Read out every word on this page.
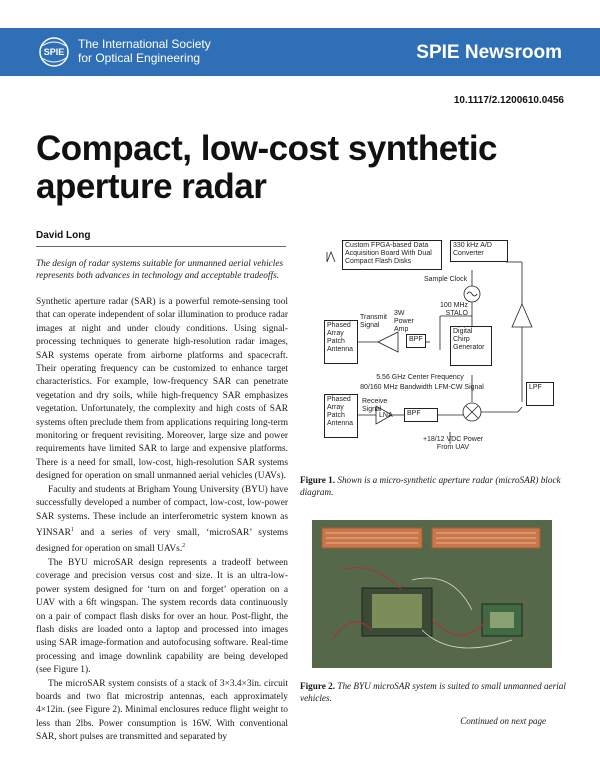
SPIE
The International Society
for Optical Engineering	SPIE Newsroom
10.1117/2.1200610.0456
Compact, low-cost synthetic aperture radar
David Long
The design of radar systems suitable for unmanned aerial vehicles represents both advances in technology and acceptable tradeoffs.

Synthetic aperture radar (SAR) is a powerful remote-sensing tool that can operate independent of solar illumination to produce radar images at night and under cloudy conditions. Using signal-processing techniques to generate high-resolution radar images, SAR systems operate from airborne platforms and spacecraft. Their operating frequency can be customized to enhance target characteristics. For example, low-frequency SAR can penetrate vegetation and dry soils, while high-frequency SAR emphasizes vegetation. Unfortunately, the complexity and high costs of SAR systems often preclude them from applications requiring long-term monitoring or frequent revisiting. Moreover, large size and power requirements have limited SAR to large and expensive platforms. There is a need for small, low-cost, high-resolution SAR systems designed for operation on small unmanned aerial vehicles (UAVs).

Faculty and students at Brigham Young University (BYU) have successfully developed a number of compact, low-cost, low-power SAR systems. These include an interferometric system known as YINSAR$^1$ and a series of very small, ‘microSAR’ systems designed for operation on small UAVs.$^2$

The BYU microSAR design represents a tradeoff between coverage and precision versus cost and size. It is an ultra-low-power system designed for ‘turn on and forget’ operation on a UAV with a 6ft wingspan. The system records data continuously on a pair of compact flash disks for over an hour. Post-flight, the flash disks are loaded onto a laptop and processed into images using SAR image-formation and autofocusing software. Real-time processing and image downlink capability are being developed (see Figure 1).

The microSAR system consists of a stack of 3×3.4×3in. circuit boards and two flat microstrip antennas, each approximately 4×12in. (see Figure 2). Minimal enclosures reduce flight weight to less than 2lbs. Power consumption is 16W. With conventional SAR, short pulses are transmitted and separated by

Custom FPGA-based Data Acquisition Board With Dual Compact Flash Disks
330 kHz A/D Converter
Sample Clock
100 MHz STALO
3W Power Amp
Transmit Signal
Phased Array Patch Antenna
BPF
Digital Chirp Generator
5.56 GHz Center Frequency
80/160 MHz Bandwidth LFM-CW Signal
Receive Signal
Phased Array Patch Antenna
LNA	BPF
LPF
+18/12 VDC Power From UAV
Figure 1. Shown is a micro-synthetic aperture radar (microSAR) block diagram.
Figure 2. The BYU microSAR system is suited to small unmanned aerial vehicles.
Continued on next page
